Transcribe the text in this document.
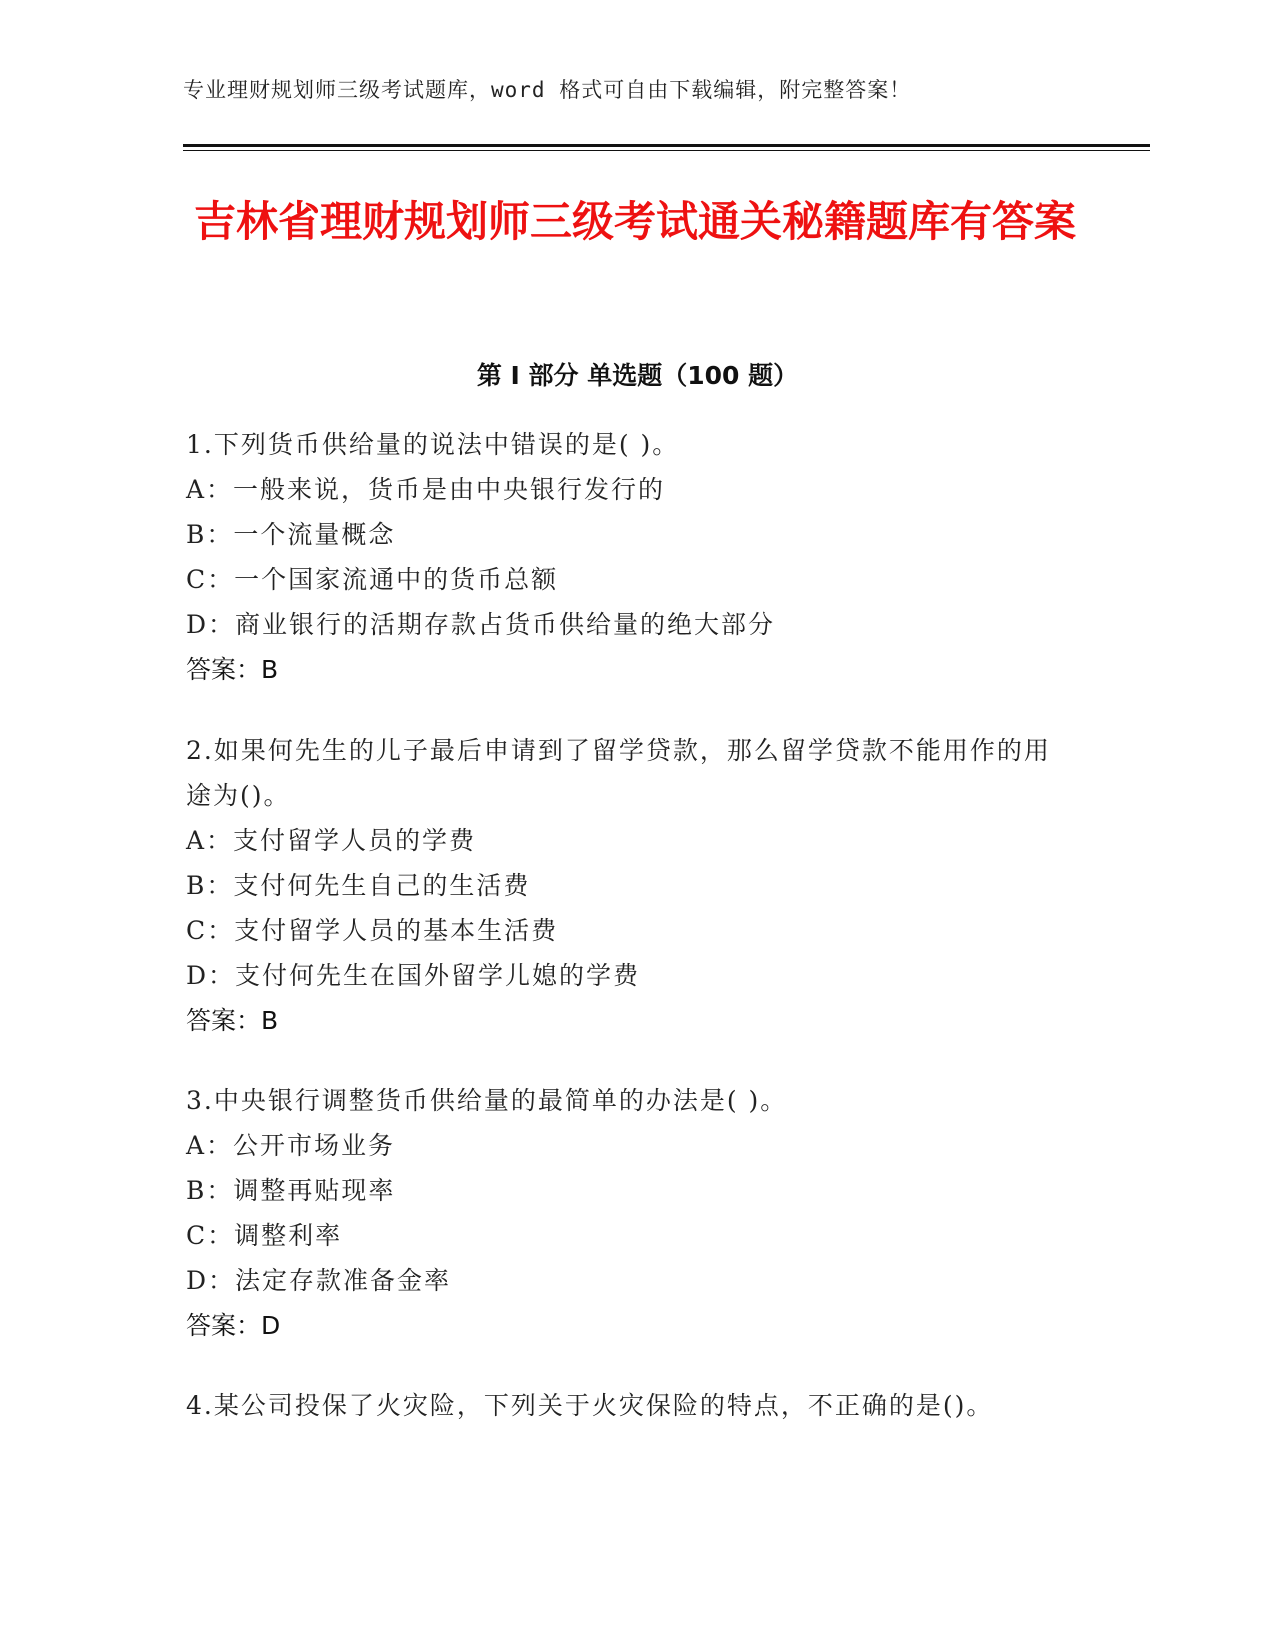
专业理财规划师三级考试题库，word 格式可自由下载编辑，附完整答案！
吉林省理财规划师三级考试通关秘籍题库有答案
第 I 部分 单选题（100 题）

1.下列货币供给量的说法中错误的是( )。

A：一般来说，货币是由中央银行发行的

B：一个流量概念

C：一个国家流通中的货币总额

D：商业银行的活期存款占货币供给量的绝大部分

答案：B

2.如果何先生的儿子最后申请到了留学贷款，那么留学贷款不能用作的用途为()。

A：支付留学人员的学费

B：支付何先生自己的生活费

C：支付留学人员的基本生活费

D：支付何先生在国外留学儿媳的学费

答案：B

3.中央银行调整货币供给量的最简单的办法是( )。

A：公开市场业务

B：调整再贴现率

C：调整利率

D：法定存款准备金率

答案：D

4.某公司投保了火灾险，下列关于火灾保险的特点，不正确的是()。
